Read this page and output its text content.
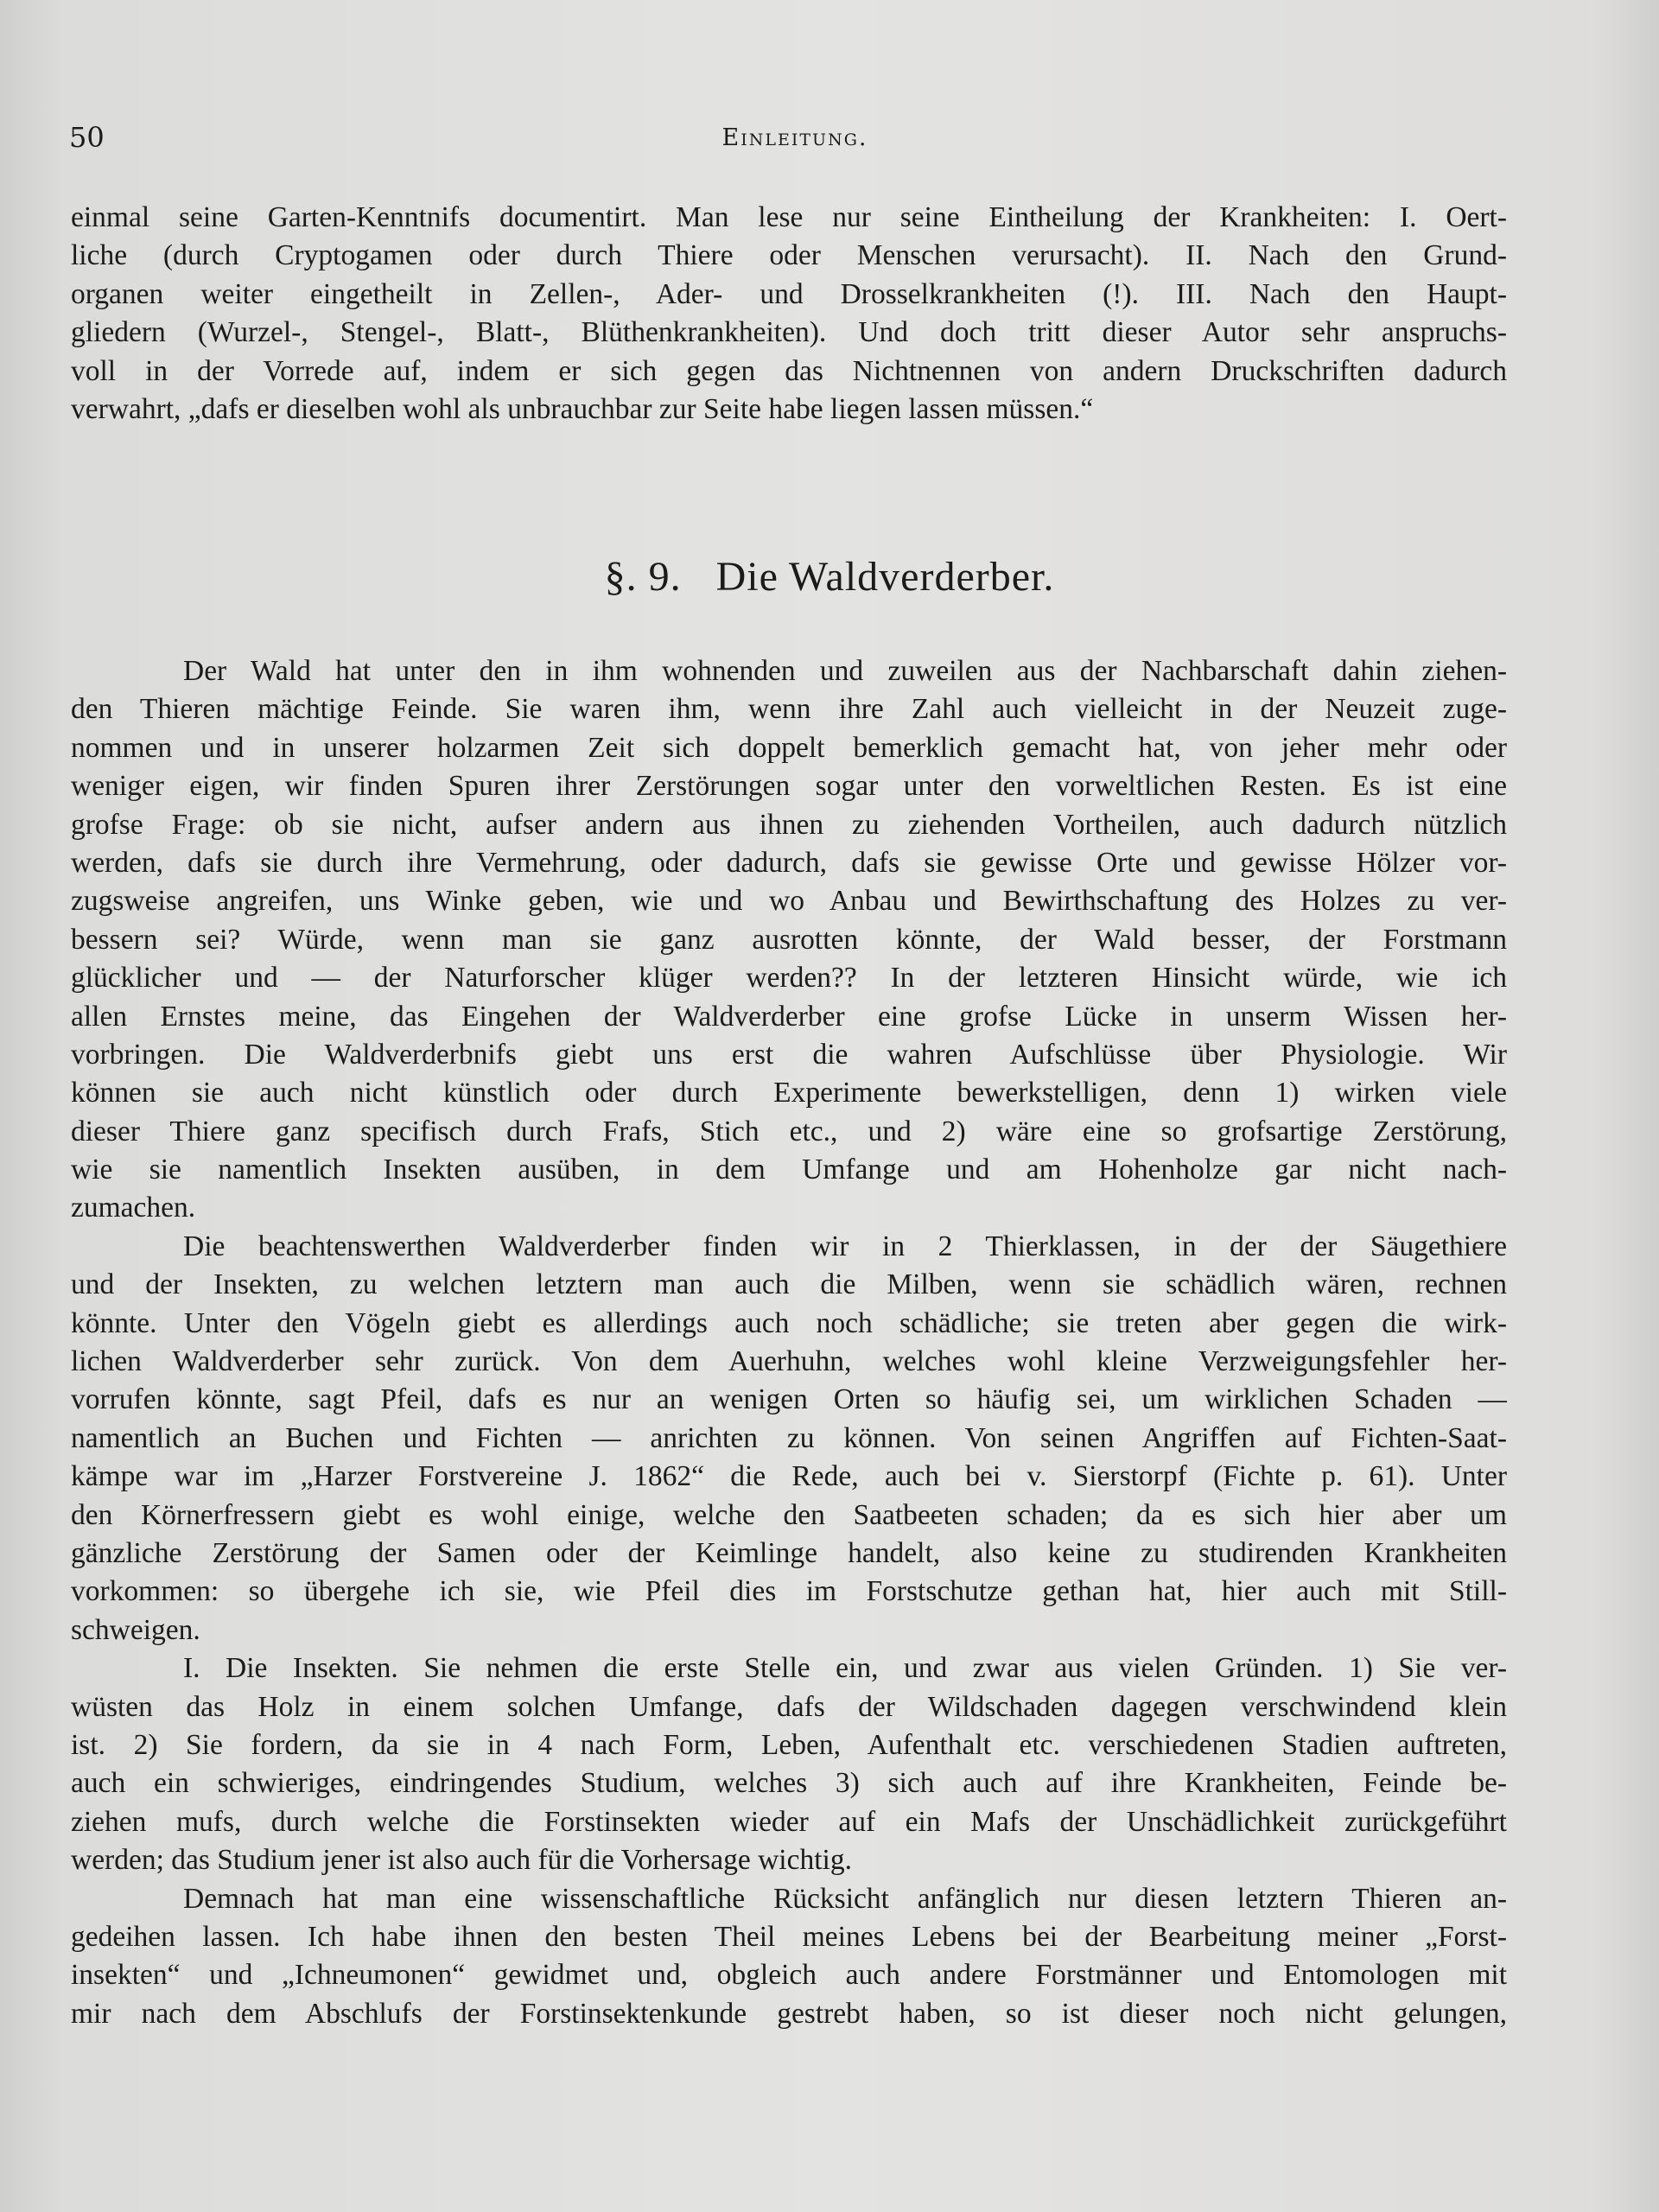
50	Einleitung.
einmal seine Garten-Kenntnifs documentirt. Man lese nur seine Eintheilung der Krankheiten: I. Oert-
liche (durch Cryptogamen oder durch Thiere oder Menschen verursacht). II. Nach den Grund-
organen weiter eingetheilt in Zellen-, Ader- und Drosselkrankheiten (!). III. Nach den Haupt-
gliedern (Wurzel-, Stengel-, Blatt-, Blüthenkrankheiten). Und doch tritt dieser Autor sehr anspruchs-
voll in der Vorrede auf, indem er sich gegen das Nichtnennen von andern Druckschriften dadurch
verwahrt, „dafs er dieselben wohl als unbrauchbar zur Seite habe liegen lassen müssen.“
§. 9. Die Waldverderber.
Der Wald hat unter den in ihm wohnenden und zuweilen aus der Nachbarschaft dahin ziehen-
den Thieren mächtige Feinde. Sie waren ihm, wenn ihre Zahl auch vielleicht in der Neuzeit zuge-
nommen und in unserer holzarmen Zeit sich doppelt bemerklich gemacht hat, von jeher mehr oder
weniger eigen, wir finden Spuren ihrer Zerstörungen sogar unter den vorweltlichen Resten. Es ist eine
grofse Frage: ob sie nicht, aufser andern aus ihnen zu ziehenden Vortheilen, auch dadurch nützlich
werden, dafs sie durch ihre Vermehrung, oder dadurch, dafs sie gewisse Orte und gewisse Hölzer vor-
zugsweise angreifen, uns Winke geben, wie und wo Anbau und Bewirthschaftung des Holzes zu ver-
bessern sei? Würde, wenn man sie ganz ausrotten könnte, der Wald besser, der Forstmann
glücklicher und — der Naturforscher klüger werden?? In der letzteren Hinsicht würde, wie ich
allen Ernstes meine, das Eingehen der Waldverderber eine grofse Lücke in unserm Wissen her-
vorbringen. Die Waldverderbnifs giebt uns erst die wahren Aufschlüsse über Physiologie. Wir
können sie auch nicht künstlich oder durch Experimente bewerkstelligen, denn 1) wirken viele
dieser Thiere ganz specifisch durch Frafs, Stich etc., und 2) wäre eine so grofsartige Zerstörung,
wie sie namentlich Insekten ausüben, in dem Umfange und am Hohenholze gar nicht nach-
zumachen.
Die beachtenswerthen Waldverderber finden wir in 2 Thierklassen, in der der Säugethiere
und der Insekten, zu welchen letztern man auch die Milben, wenn sie schädlich wären, rechnen
könnte. Unter den Vögeln giebt es allerdings auch noch schädliche; sie treten aber gegen die wirk-
lichen Waldverderber sehr zurück. Von dem Auerhuhn, welches wohl kleine Verzweigungsfehler her-
vorrufen könnte, sagt Pfeil, dafs es nur an wenigen Orten so häufig sei, um wirklichen Schaden —
namentlich an Buchen und Fichten — anrichten zu können. Von seinen Angriffen auf Fichten-Saat-
kämpe war im „Harzer Forstvereine J. 1862“ die Rede, auch bei v. Sierstorpf (Fichte p. 61). Unter
den Körnerfressern giebt es wohl einige, welche den Saatbeeten schaden; da es sich hier aber um
gänzliche Zerstörung der Samen oder der Keimlinge handelt, also keine zu studirenden Krankheiten
vorkommen: so übergehe ich sie, wie Pfeil dies im Forstschutze gethan hat, hier auch mit Still-
schweigen.
I. Die Insekten. Sie nehmen die erste Stelle ein, und zwar aus vielen Gründen. 1) Sie ver-
wüsten das Holz in einem solchen Umfange, dafs der Wildschaden dagegen verschwindend klein
ist. 2) Sie fordern, da sie in 4 nach Form, Leben, Aufenthalt etc. verschiedenen Stadien auftreten,
auch ein schwieriges, eindringendes Studium, welches 3) sich auch auf ihre Krankheiten, Feinde be-
ziehen mufs, durch welche die Forstinsekten wieder auf ein Mafs der Unschädlichkeit zurückgeführt
werden; das Studium jener ist also auch für die Vorhersage wichtig.
Demnach hat man eine wissenschaftliche Rücksicht anfänglich nur diesen letztern Thieren an-
gedeihen lassen. Ich habe ihnen den besten Theil meines Lebens bei der Bearbeitung meiner „Forst-
insekten“ und „Ichneumonen“ gewidmet und, obgleich auch andere Forstmänner und Entomologen mit
mir nach dem Abschlufs der Forstinsektenkunde gestrebt haben, so ist dieser noch nicht gelungen,
